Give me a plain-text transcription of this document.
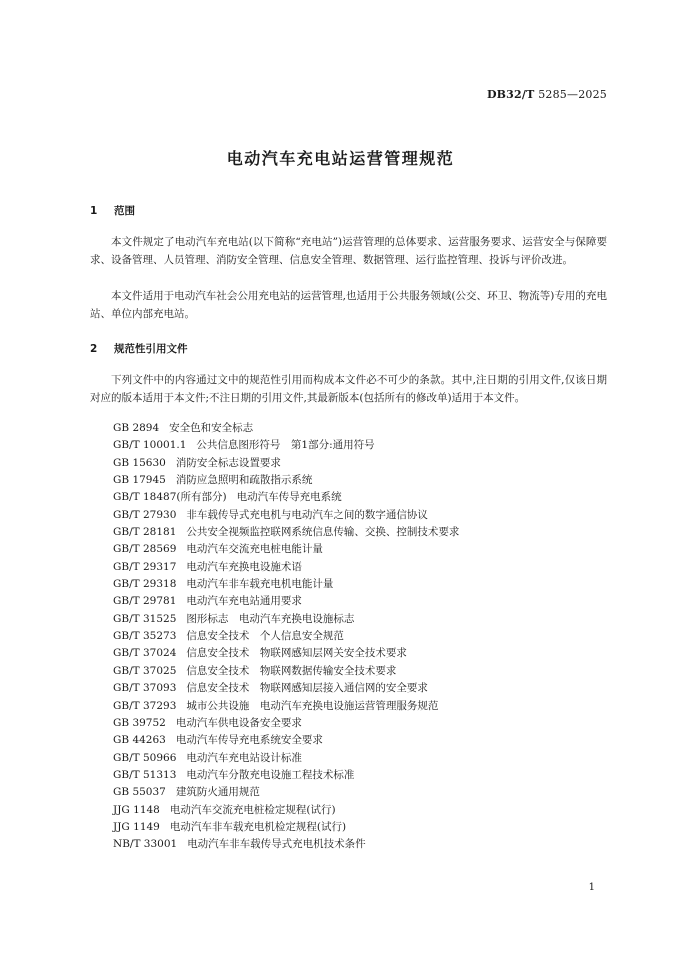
DB32/T 5285—2025
电动汽车充电站运营管理规范
1 范围

本文件规定了电动汽车充电站(以下简称“充电站”)运营管理的总体要求、运营服务要求、运营安全与保障要求、设备管理、人员管理、消防安全管理、信息安全管理、数据管理、运行监控管理、投诉与评价改进。

本文件适用于电动汽车社会公用充电站的运营管理,也适用于公共服务领域(公交、环卫、物流等)专用的充电站、单位内部充电站。

2 规范性引用文件

下列文件中的内容通过文中的规范性引用而构成本文件必不可少的条款。其中,注日期的引用文件,仅该日期对应的版本适用于本文件;不注日期的引用文件,其最新版本(包括所有的修改单)适用于本文件。

GB 2894 安全色和安全标志
GB/T 10001.1 公共信息图形符号　第1部分:通用符号
GB 15630 消防安全标志设置要求
GB 17945 消防应急照明和疏散指示系统
GB/T 18487(所有部分) 电动汽车传导充电系统
GB/T 27930 非车载传导式充电机与电动汽车之间的数字通信协议
GB/T 28181 公共安全视频监控联网系统信息传输、交换、控制技术要求
GB/T 28569 电动汽车交流充电桩电能计量
GB/T 29317 电动汽车充换电设施术语
GB/T 29318 电动汽车非车载充电机电能计量
GB/T 29781 电动汽车充电站通用要求
GB/T 31525 图形标志　电动汽车充换电设施标志
GB/T 35273 信息安全技术　个人信息安全规范
GB/T 37024 信息安全技术　物联网感知层网关安全技术要求
GB/T 37025 信息安全技术　物联网数据传输安全技术要求
GB/T 37093 信息安全技术　物联网感知层接入通信网的安全要求
GB/T 37293 城市公共设施　电动汽车充换电设施运营管理服务规范
GB 39752 电动汽车供电设备安全要求
GB 44263 电动汽车传导充电系统安全要求
GB/T 50966 电动汽车充电站设计标准
GB/T 51313 电动汽车分散充电设施工程技术标准
GB 55037 建筑防火通用规范
JJG 1148 电动汽车交流充电桩检定规程(试行)
JJG 1149 电动汽车非车载充电机检定规程(试行)
NB/T 33001 电动汽车非车载传导式充电机技术条件
1
